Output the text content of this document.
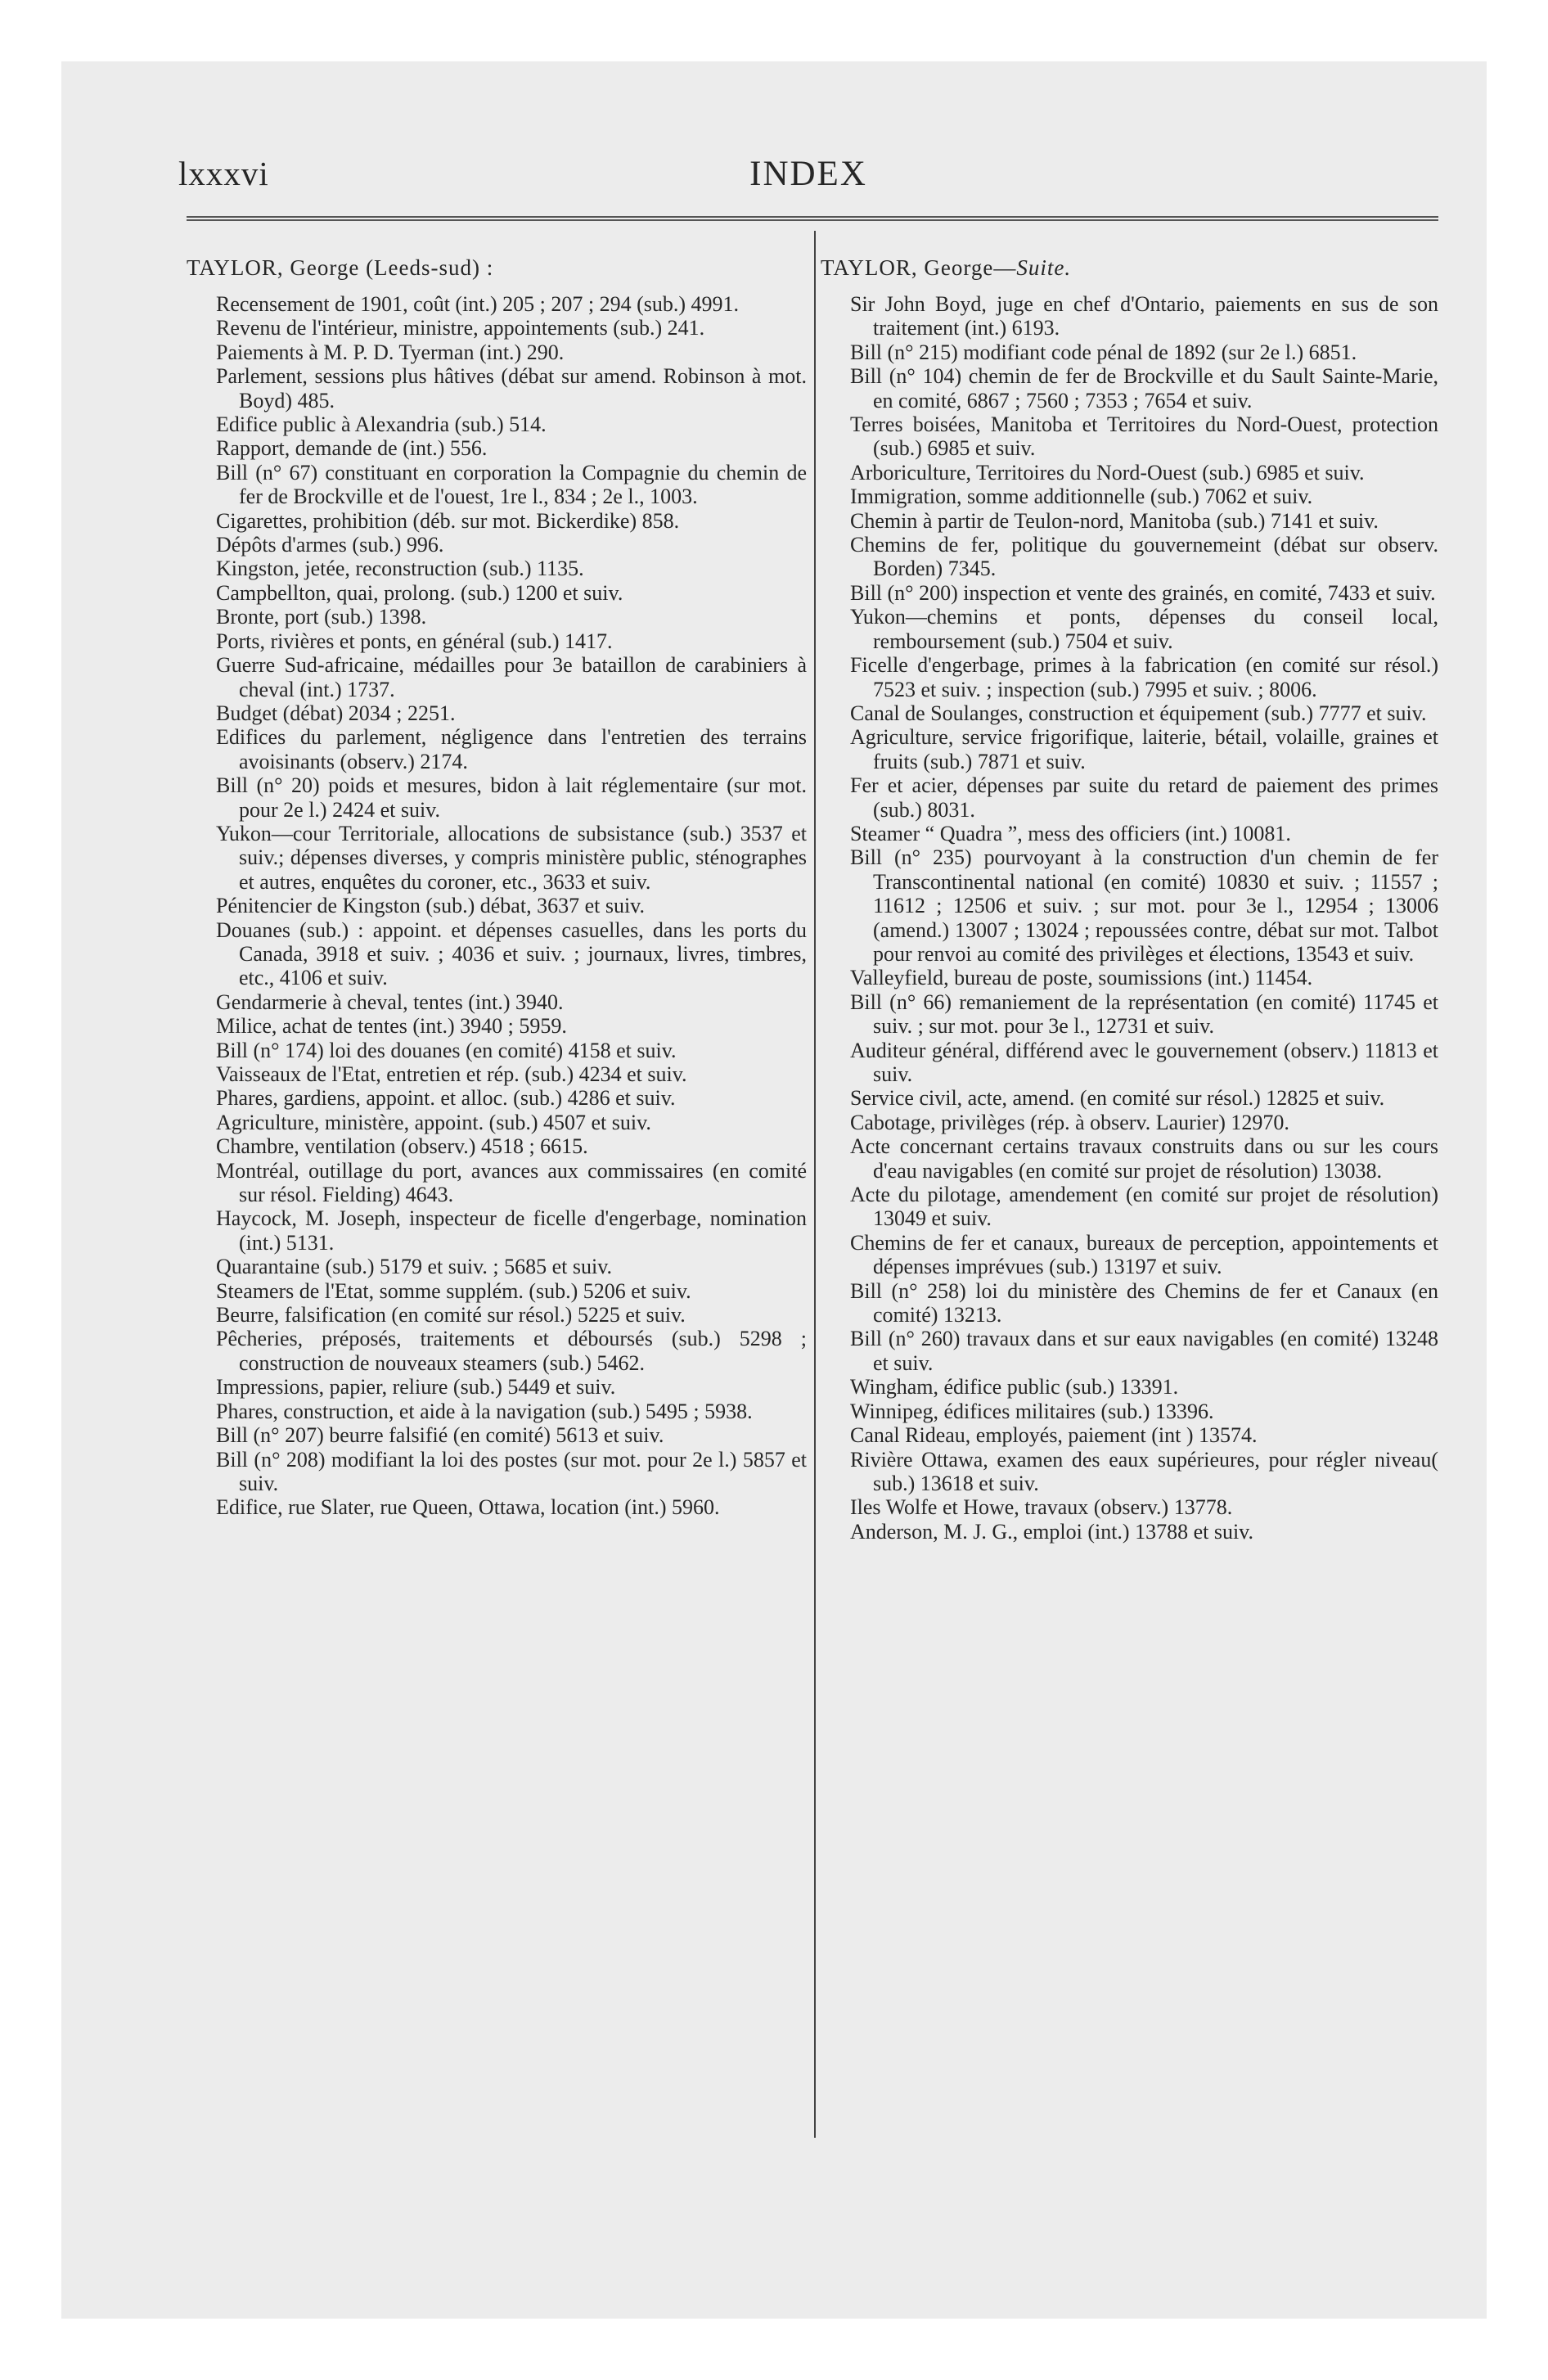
lxxxvi	INDEX
TAYLOR, George (Leeds-sud) :
Recensement de 1901, coût (int.) 205 ; 207 ; 294 (sub.) 4991.
Revenu de l'intérieur, ministre, appointements (sub.) 241.
Paiements à M. P. D. Tyerman (int.) 290.
Parlement, sessions plus hâtives (débat sur amend. Robinson à mot. Boyd) 485.
Edifice public à Alexandria (sub.) 514.
Rapport, demande de (int.) 556.
Bill (n° 67) constituant en corporation la Compagnie du chemin de fer de Brockville et de l'ouest, 1re l., 834 ; 2e l., 1003.
Cigarettes, prohibition (déb. sur mot. Bickerdike) 858.
Dépôts d'armes (sub.) 996.
Kingston, jetée, reconstruction (sub.) 1135.
Campbellton, quai, prolong. (sub.) 1200 et suiv.
Bronte, port (sub.) 1398.
Ports, rivières et ponts, en général (sub.) 1417.
Guerre Sud-africaine, médailles pour 3e bataillon de carabiniers à cheval (int.) 1737.
Budget (débat) 2034 ; 2251.
Edifices du parlement, négligence dans l'entretien des terrains avoisinants (observ.) 2174.
Bill (n° 20) poids et mesures, bidon à lait réglementaire (sur mot. pour 2e l.) 2424 et suiv.
Yukon—cour Territoriale, allocations de subsistance (sub.) 3537 et suiv.; dépenses diverses, y compris ministère public, sténographes et autres, enquêtes du coroner, etc., 3633 et suiv.
Pénitencier de Kingston (sub.) débat, 3637 et suiv.
Douanes (sub.) : appoint. et dépenses casuelles, dans les ports du Canada, 3918 et suiv. ; 4036 et suiv. ; journaux, livres, timbres, etc., 4106 et suiv.
Gendarmerie à cheval, tentes (int.) 3940.
Milice, achat de tentes (int.) 3940 ; 5959.
Bill (n° 174) loi des douanes (en comité) 4158 et suiv.
Vaisseaux de l'Etat, entretien et rép. (sub.) 4234 et suiv.
Phares, gardiens, appoint. et alloc. (sub.) 4286 et suiv.
Agriculture, ministère, appoint. (sub.) 4507 et suiv.
Chambre, ventilation (observ.) 4518 ; 6615.
Montréal, outillage du port, avances aux commissaires (en comité sur résol. Fielding) 4643.
Haycock, M. Joseph, inspecteur de ficelle d'engerbage, nomination (int.) 5131.
Quarantaine (sub.) 5179 et suiv. ; 5685 et suiv.
Steamers de l'Etat, somme supplém. (sub.) 5206 et suiv.
Beurre, falsification (en comité sur résol.) 5225 et suiv.
Pêcheries, préposés, traitements et déboursés (sub.) 5298 ; construction de nouveaux steamers (sub.) 5462.
Impressions, papier, reliure (sub.) 5449 et suiv.
Phares, construction, et aide à la navigation (sub.) 5495 ; 5938.
Bill (n° 207) beurre falsifié (en comité) 5613 et suiv.
Bill (n° 208) modifiant la loi des postes (sur mot. pour 2e l.) 5857 et suiv.
Edifice, rue Slater, rue Queen, Ottawa, location (int.) 5960.
TAYLOR, George—Suite.
Sir John Boyd, juge en chef d'Ontario, paiements en sus de son traitement (int.) 6193.
Bill (n° 215) modifiant code pénal de 1892 (sur 2e l.) 6851.
Bill (n° 104) chemin de fer de Brockville et du Sault Sainte-Marie, en comité, 6867 ; 7560 ; 7353 ; 7654 et suiv.
Terres boisées, Manitoba et Territoires du Nord-Ouest, protection (sub.) 6985 et suiv.
Arboriculture, Territoires du Nord-Ouest (sub.) 6985 et suiv.
Immigration, somme additionnelle (sub.) 7062 et suiv.
Chemin à partir de Teulon-nord, Manitoba (sub.) 7141 et suiv.
Chemins de fer, politique du gouvernemeint (débat sur observ. Borden) 7345.
Bill (n° 200) inspection et vente des grainés, en comité, 7433 et suiv.
Yukon—chemins et ponts, dépenses du conseil local, remboursement (sub.) 7504 et suiv.
Ficelle d'engerbage, primes à la fabrication (en comité sur résol.) 7523 et suiv. ; inspection (sub.) 7995 et suiv. ; 8006.
Canal de Soulanges, construction et équipement (sub.) 7777 et suiv.
Agriculture, service frigorifique, laiterie, bétail, volaille, graines et fruits (sub.) 7871 et suiv.
Fer et acier, dépenses par suite du retard de paiement des primes (sub.) 8031.
Steamer “ Quadra ”, mess des officiers (int.) 10081.
Bill (n° 235) pourvoyant à la construction d'un chemin de fer Transcontinental national (en comité) 10830 et suiv. ; 11557 ; 11612 ; 12506 et suiv. ; sur mot. pour 3e l., 12954 ; 13006 (amend.) 13007 ; 13024 ; repoussées contre, débat sur mot. Talbot pour renvoi au comité des privilèges et élections, 13543 et suiv.
Valleyfield, bureau de poste, soumissions (int.) 11454.
Bill (n° 66) remaniement de la représentation (en comité) 11745 et suiv. ; sur mot. pour 3e l., 12731 et suiv.
Auditeur général, différend avec le gouvernement (observ.) 11813 et suiv.
Service civil, acte, amend. (en comité sur résol.) 12825 et suiv.
Cabotage, privilèges (rép. à observ. Laurier) 12970.
Acte concernant certains travaux construits dans ou sur les cours d'eau navigables (en comité sur projet de résolution) 13038.
Acte du pilotage, amendement (en comité sur projet de résolution) 13049 et suiv.
Chemins de fer et canaux, bureaux de perception, appointements et dépenses imprévues (sub.) 13197 et suiv.
Bill (n° 258) loi du ministère des Chemins de fer et Canaux (en comité) 13213.
Bill (n° 260) travaux dans et sur eaux navigables (en comité) 13248 et suiv.
Wingham, édifice public (sub.) 13391.
Winnipeg, édifices militaires (sub.) 13396.
Canal Rideau, employés, paiement (int ) 13574.
Rivière Ottawa, examen des eaux supérieures, pour régler niveau( sub.) 13618 et suiv.
Iles Wolfe et Howe, travaux (observ.) 13778.
Anderson, M. J. G., emploi (int.) 13788 et suiv.
